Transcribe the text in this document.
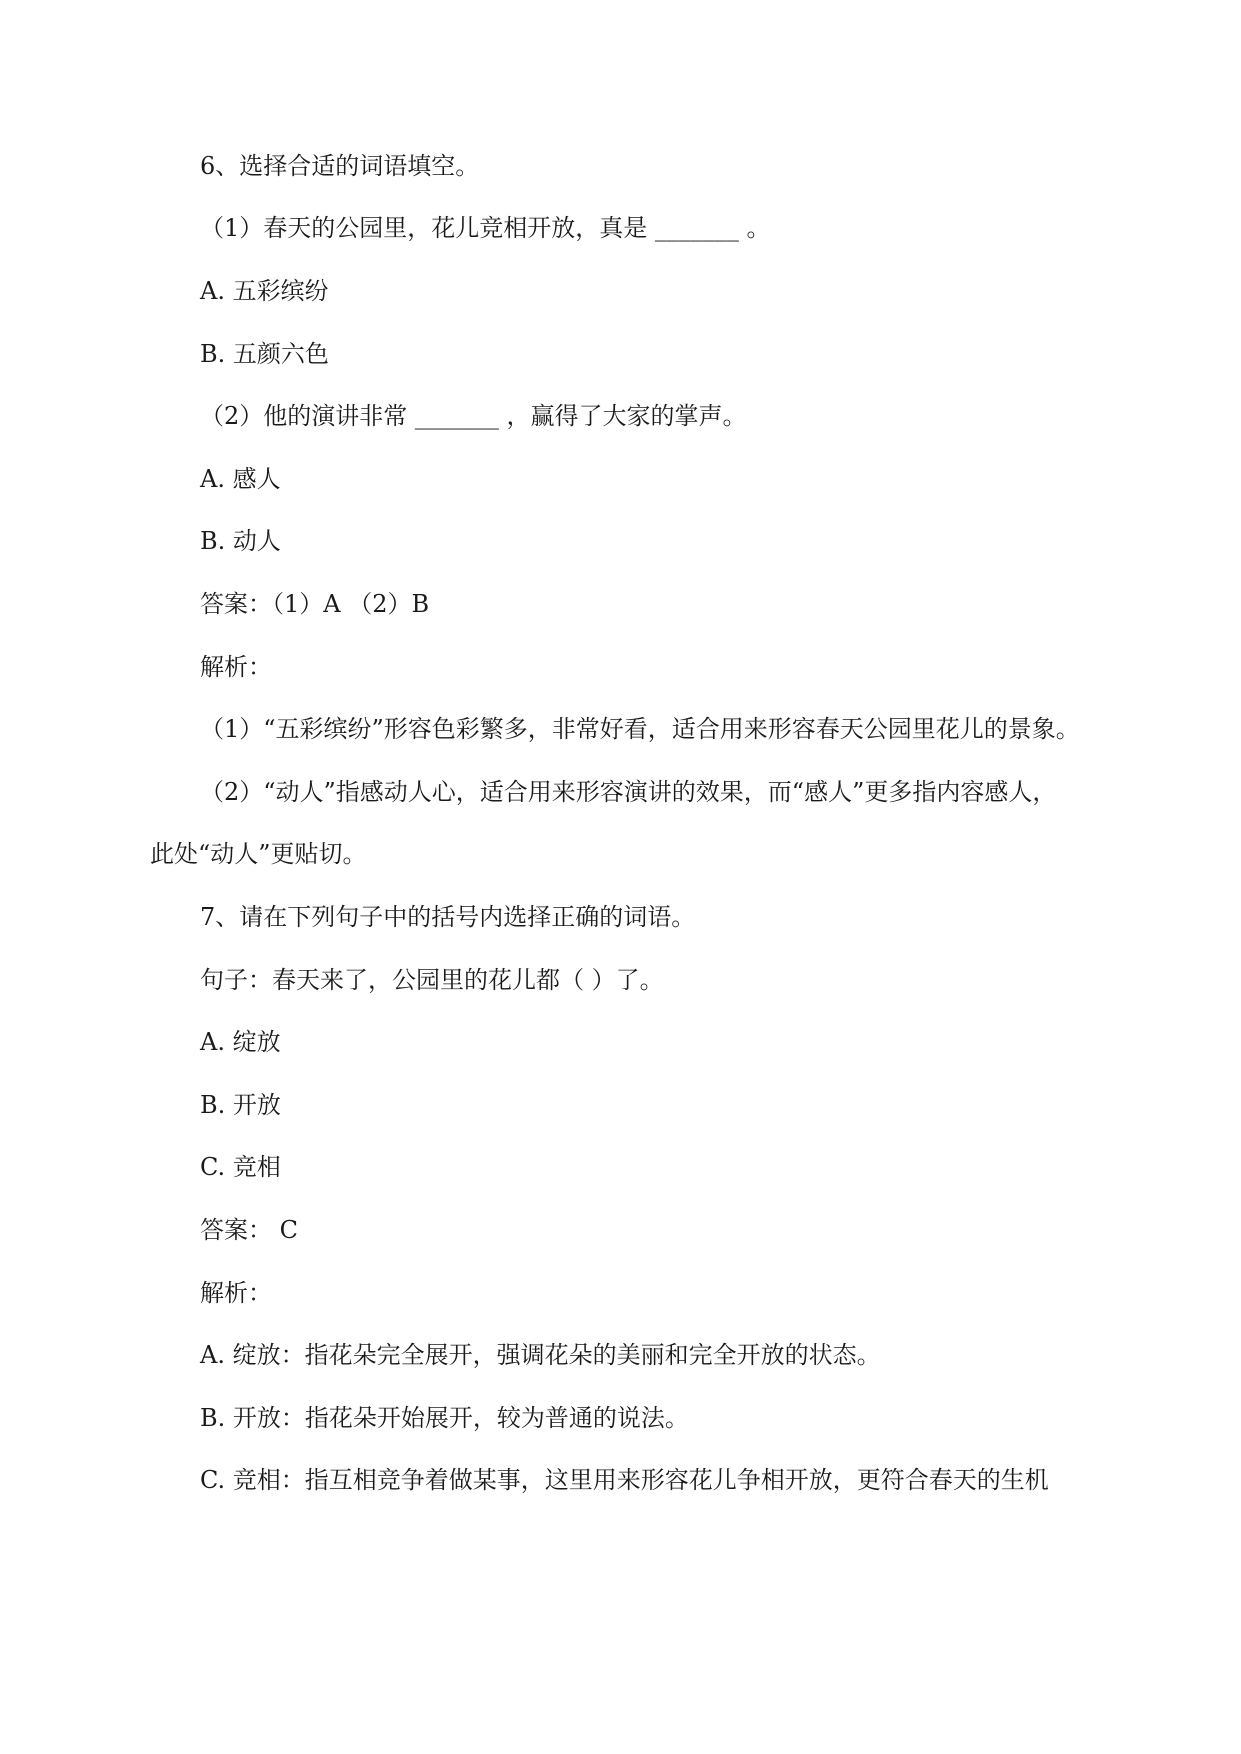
6、选择合适的词语填空。
（1）春天的公园里，花儿竞相开放，真是 _______ 。
A. 五彩缤纷
B. 五颜六色
（2）他的演讲非常 _______ ，赢得了大家的掌声。
A. 感人
B. 动人
答案：（1）A （2）B
解析：
（1）“五彩缤纷”形容色彩繁多，非常好看，适合用来形容春天公园里花儿的景象。
（2）“动人”指感动人心，适合用来形容演讲的效果，而“感人”更多指内容感人，
此处“动人”更贴切。
7、请在下列句子中的括号内选择正确的词语。
句子：春天来了，公园里的花儿都（ ）了。
A. 绽放
B. 开放
C. 竞相
答案： C
解析：
A. 绽放：指花朵完全展开，强调花朵的美丽和完全开放的状态。
B. 开放：指花朵开始展开，较为普通的说法。
C. 竞相：指互相竞争着做某事，这里用来形容花儿争相开放，更符合春天的生机
